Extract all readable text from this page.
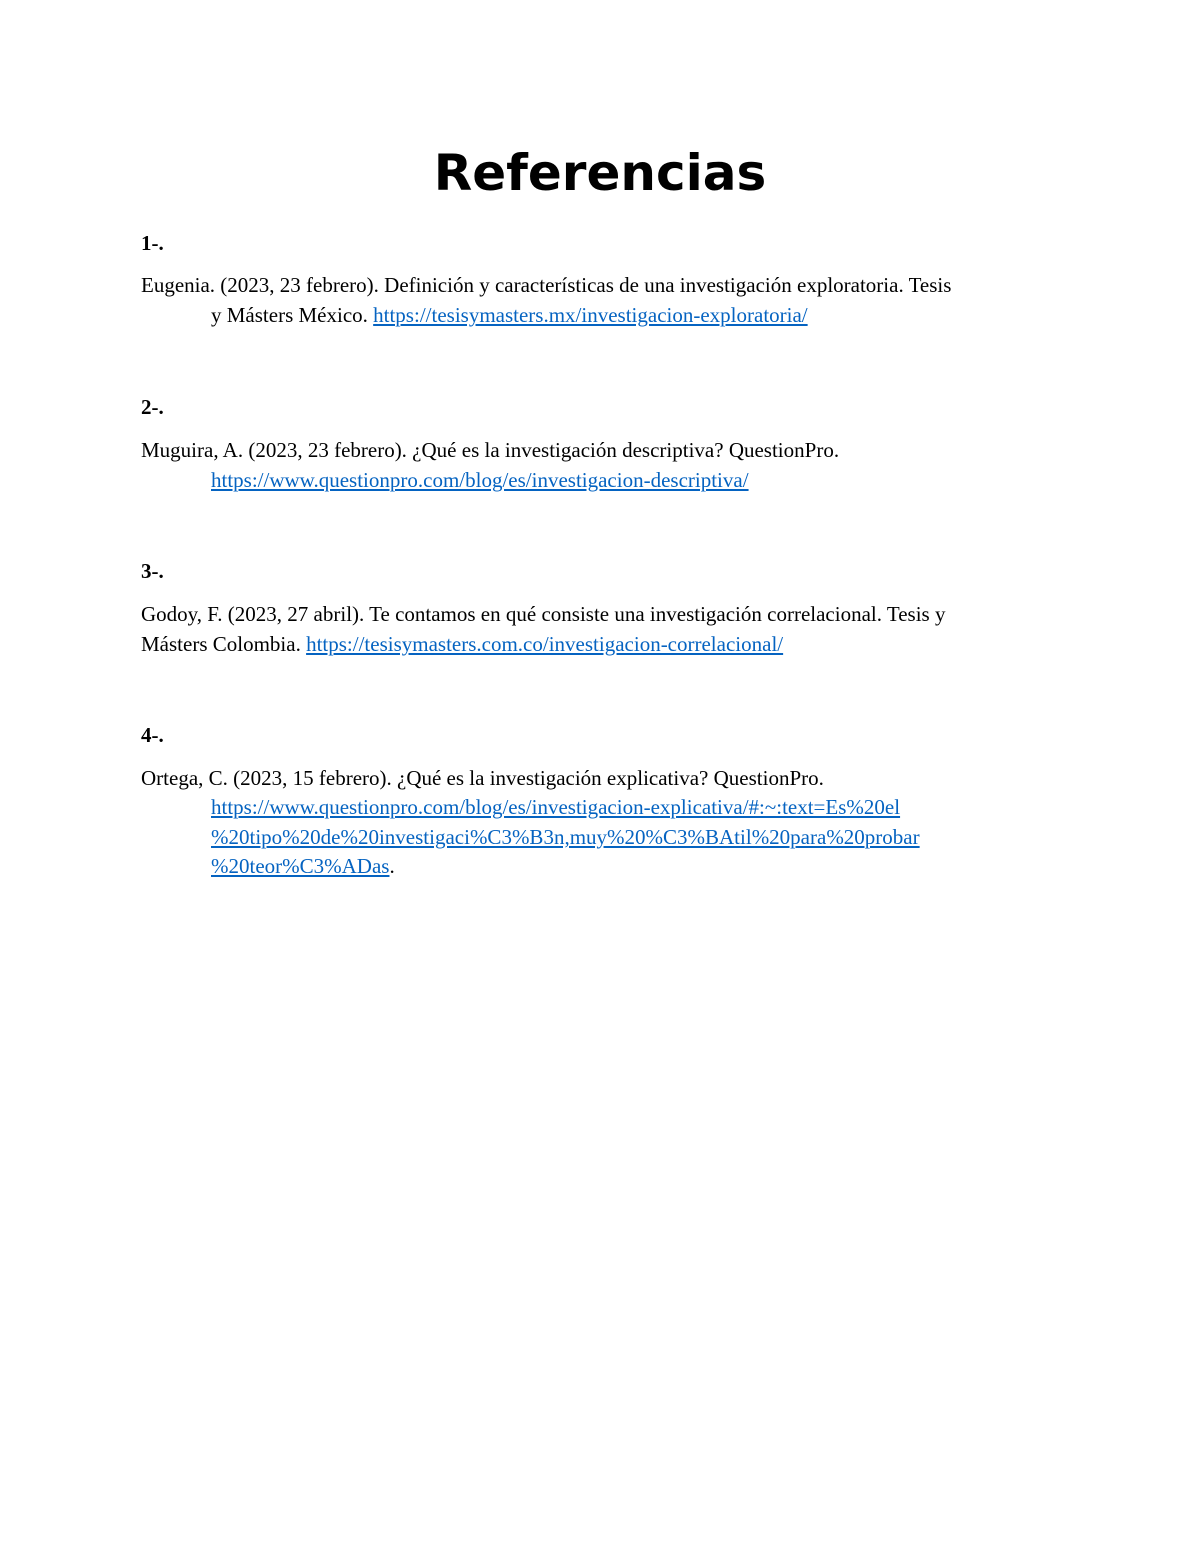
Referencias
1-.
Eugenia. (2023, 23 febrero). Definición y características de una investigación exploratoria. Tesis
y Másters México. https://tesisymasters.mx/investigacion-exploratoria/
2-.
Muguira, A. (2023, 23 febrero). ¿Qué es la investigación descriptiva? QuestionPro.
https://www.questionpro.com/blog/es/investigacion-descriptiva/
3-.
Godoy, F. (2023, 27 abril). Te contamos en qué consiste una investigación correlacional. Tesis y
Másters Colombia. https://tesisymasters.com.co/investigacion-correlacional/
4-.
Ortega, C. (2023, 15 febrero). ¿Qué es la investigación explicativa? QuestionPro.
https://www.questionpro.com/blog/es/investigacion-explicativa/#:~:text=Es%20el
%20tipo%20de%20investigaci%C3%B3n,muy%20%C3%BAtil%20para%20probar
%20teor%C3%ADas.
